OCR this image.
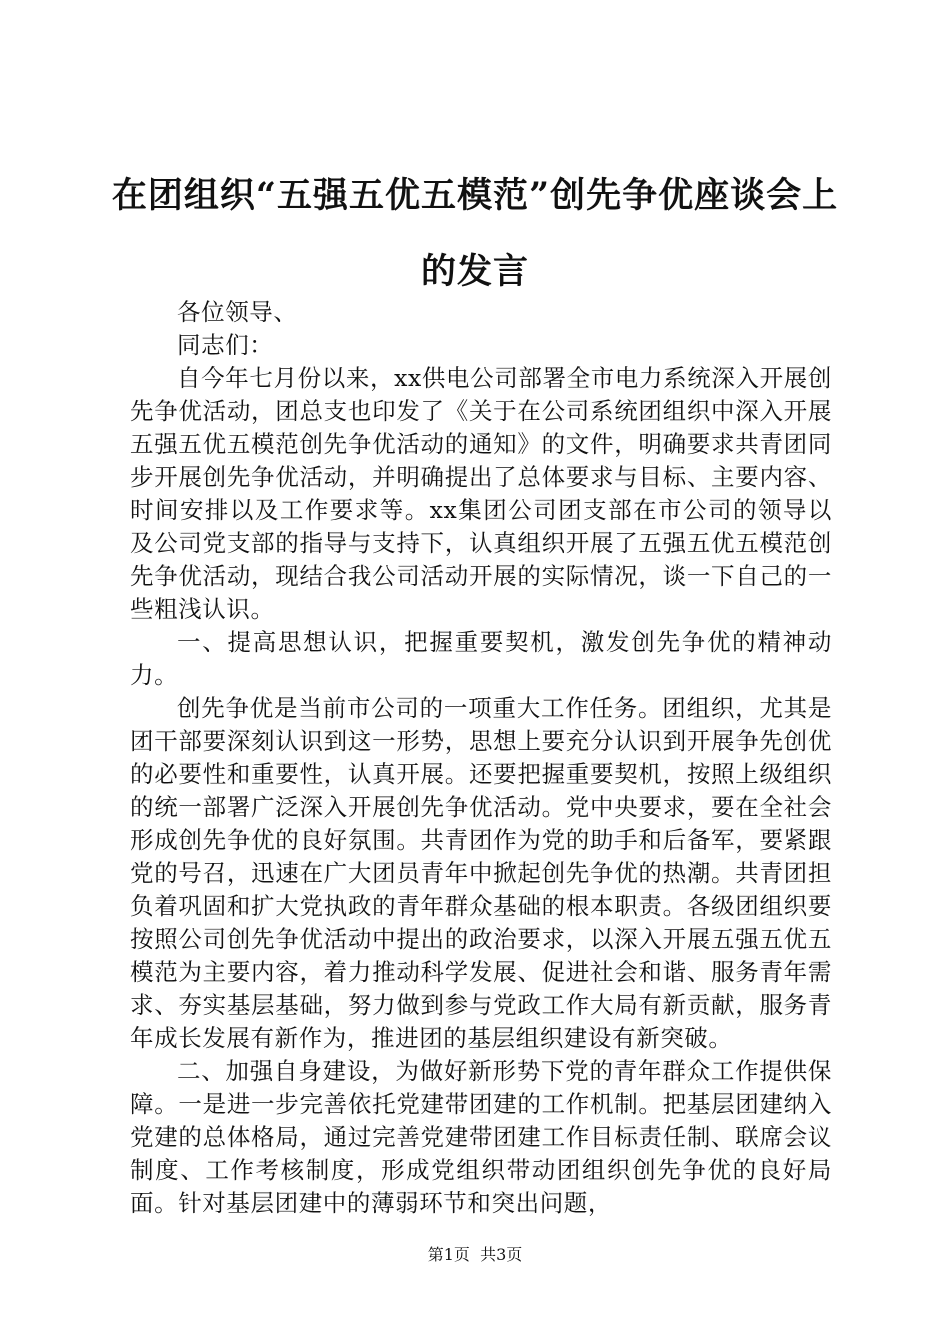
在团组织“五强五优五模范”创先争优座谈会上的发言

各位领导、

同志们：

自今年七月份以来，xx供电公司部署全市电力系统深入开展创先争优活动，团总支也印发了《关于在公司系统团组织中深入开展五强五优五模范创先争优活动的通知》的文件，明确要求共青团同步开展创先争优活动，并明确提出了总体要求与目标、主要内容、时间安排以及工作要求等。xx集团公司团支部在市公司的领导以及公司党支部的指导与支持下，认真组织开展了五强五优五模范创先争优活动，现结合我公司活动开展的实际情况，谈一下自己的一些粗浅认识。

一、提高思想认识，把握重要契机，激发创先争优的精神动力。

创先争优是当前市公司的一项重大工作任务。团组织，尤其是团干部要深刻认识到这一形势，思想上要充分认识到开展争先创优的必要性和重要性，认真开展。还要把握重要契机，按照上级组织的统一部署广泛深入开展创先争优活动。党中央要求，要在全社会形成创先争优的良好氛围。共青团作为党的助手和后备军，要紧跟党的号召，迅速在广大团员青年中掀起创先争优的热潮。共青团担负着巩固和扩大党执政的青年群众基础的根本职责。各级团组织要按照公司创先争优活动中提出的政治要求，以深入开展五强五优五模范为主要内容，着力推动科学发展、促进社会和谐、服务青年需求、夯实基层基础，努力做到参与党政工作大局有新贡献，服务青年成长发展有新作为，推进团的基层组织建设有新突破。

二、加强自身建设，为做好新形势下党的青年群众工作提供保障。一是进一步完善依托党建带团建的工作机制。把基层团建纳入党建的总体格局，通过完善党建带团建工作目标责任制、联席会议制度、工作考核制度，形成党组织带动团组织创先争优的良好局面。针对基层团建中的薄弱环节和突出问题，

第1页  共3页
